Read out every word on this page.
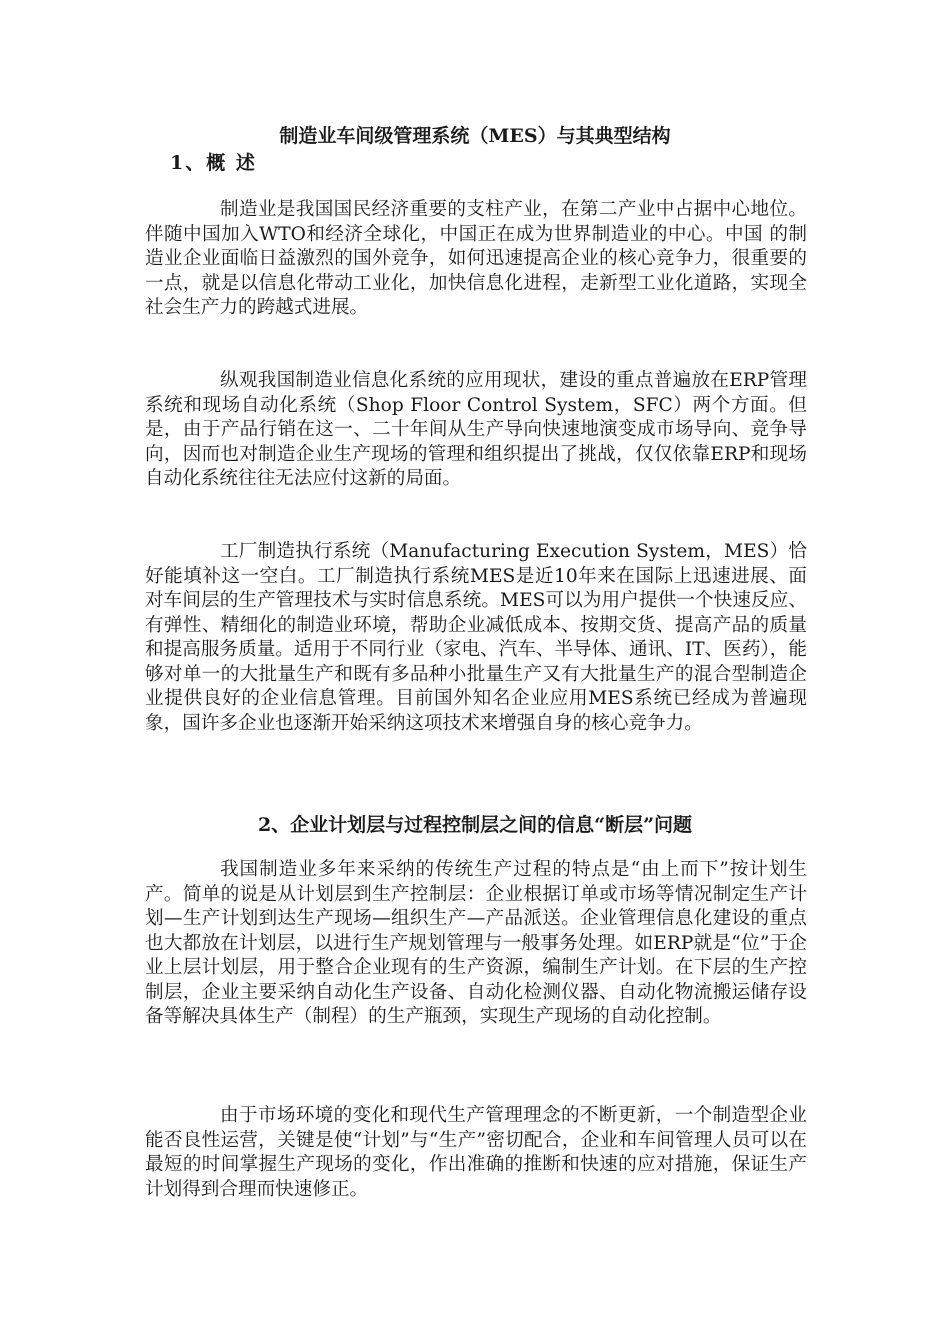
制造业车间级管理系统（MES）与其典型结构
1、概 述

制造业是我国国民经济重要的支柱产业，在第二产业中占据中心地位。伴随中国加入WTO和经济全球化，中国正在成为世界制造业的中心。中国 的制造业企业面临日益激烈的国外竞争，如何迅速提高企业的核心竞争力，很重要的一点，就是以信息化带动工业化，加快信息化进程，走新型工业化道路，实现全社会生产力的跨越式进展。

纵观我国制造业信息化系统的应用现状，建设的重点普遍放在ERP管理系统和现场自动化系统（Shop Floor Control System，SFC）两个方面。但是，由于产品行销在这一、二十年间从生产导向快速地演变成市场导向、竞争导向，因而也对制造企业生产现场的管理和组织提出了挑战，仅仅依靠ERP和现场自动化系统往往无法应付这新的局面。

工厂制造执行系统（Manufacturing Execution System，MES）恰好能填补这一空白。工厂制造执行系统MES是近10年来在国际上迅速进展、面对车间层的生产管理技术与实时信息系统。MES可以为用户提供一个快速反应、有弹性、精细化的制造业环境，帮助企业减低成本、按期交货、提高产品的质量和提高服务质量。适用于不同行业（家电、汽车、半导体、通讯、IT、医药），能够对单一的大批量生产和既有多品种小批量生产又有大批量生产的混合型制造企业提供良好的企业信息管理。目前国外知名企业应用MES系统已经成为普遍现象，国许多企业也逐渐开始采纳这项技术来增强自身的核心竞争力。

2、企业计划层与过程控制层之间的信息“断层”问题

我国制造业多年来采纳的传统生产过程的特点是“由上而下”按计划生产。简单的说是从计划层到生产控制层：企业根据订单或市场等情况制定生产计划—生产计划到达生产现场—组织生产—产品派送。企业管理信息化建设的重点也大都放在计划层，以进行生产规划管理与一般事务处理。如ERP就是“位”于企业上层计划层，用于整合企业现有的生产资源，编制生产计划。在下层的生产控制层，企业主要采纳自动化生产设备、自动化检测仪器、自动化物流搬运储存设备等解决具体生产（制程）的生产瓶颈，实现生产现场的自动化控制。

由于市场环境的变化和现代生产管理理念的不断更新，一个制造型企业能否良性运营，关键是使“计划”与“生产”密切配合，企业和车间管理人员可以在最短的时间掌握生产现场的变化，作出准确的推断和快速的应对措施，保证生产计划得到合理而快速修正。
